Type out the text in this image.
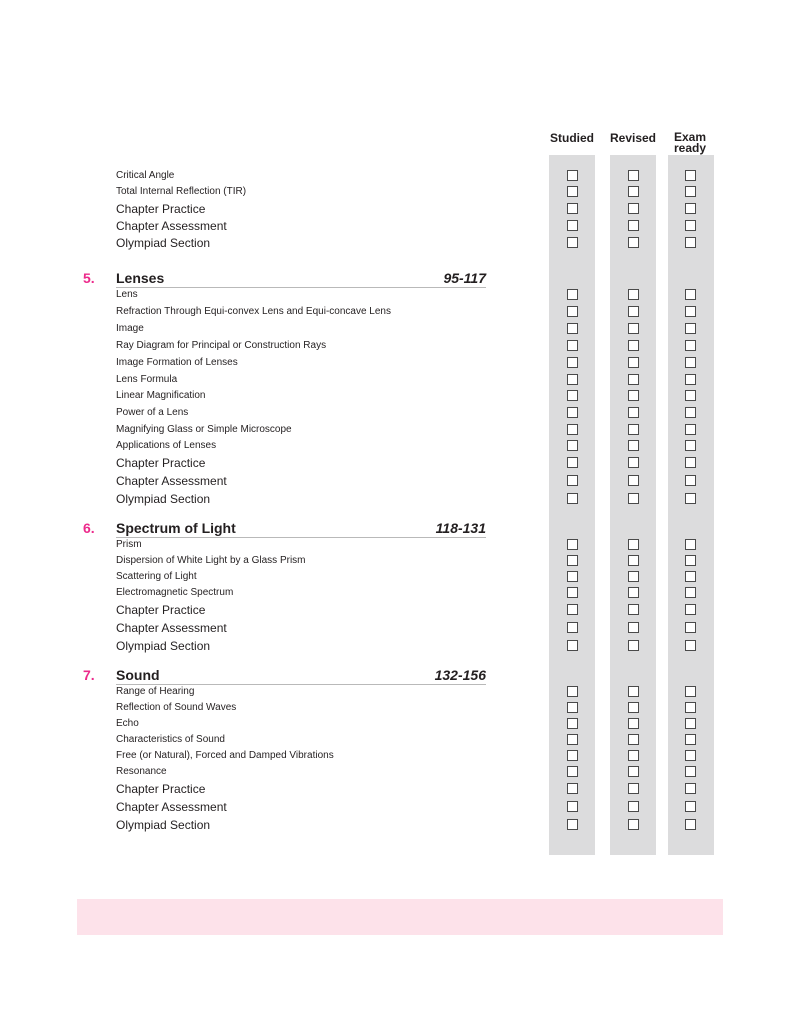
Studied	Revised	Exam
ready
Critical Angle
Total Internal Reflection (TIR)
Chapter Practice
Chapter Assessment
Olympiad Section
5. Lenses	95-117
Lens
Refraction Through Equi-convex Lens and Equi-concave Lens
Image
Ray Diagram for Principal or Construction Rays
Image Formation of Lenses
Lens Formula
Linear Magnification
Power of a Lens
Magnifying Glass or Simple Microscope
Applications of Lenses
Chapter Practice
Chapter Assessment
Olympiad Section
6. Spectrum of Light	118-131
Prism
Dispersion of White Light by a Glass Prism
Scattering of Light
Electromagnetic Spectrum
Chapter Practice
Chapter Assessment
Olympiad Section
7. Sound	132-156
Range of Hearing
Reflection of Sound Waves
Echo
Characteristics of Sound
Free (or Natural), Forced and Damped Vibrations
Resonance
Chapter Practice
Chapter Assessment
Olympiad Section
